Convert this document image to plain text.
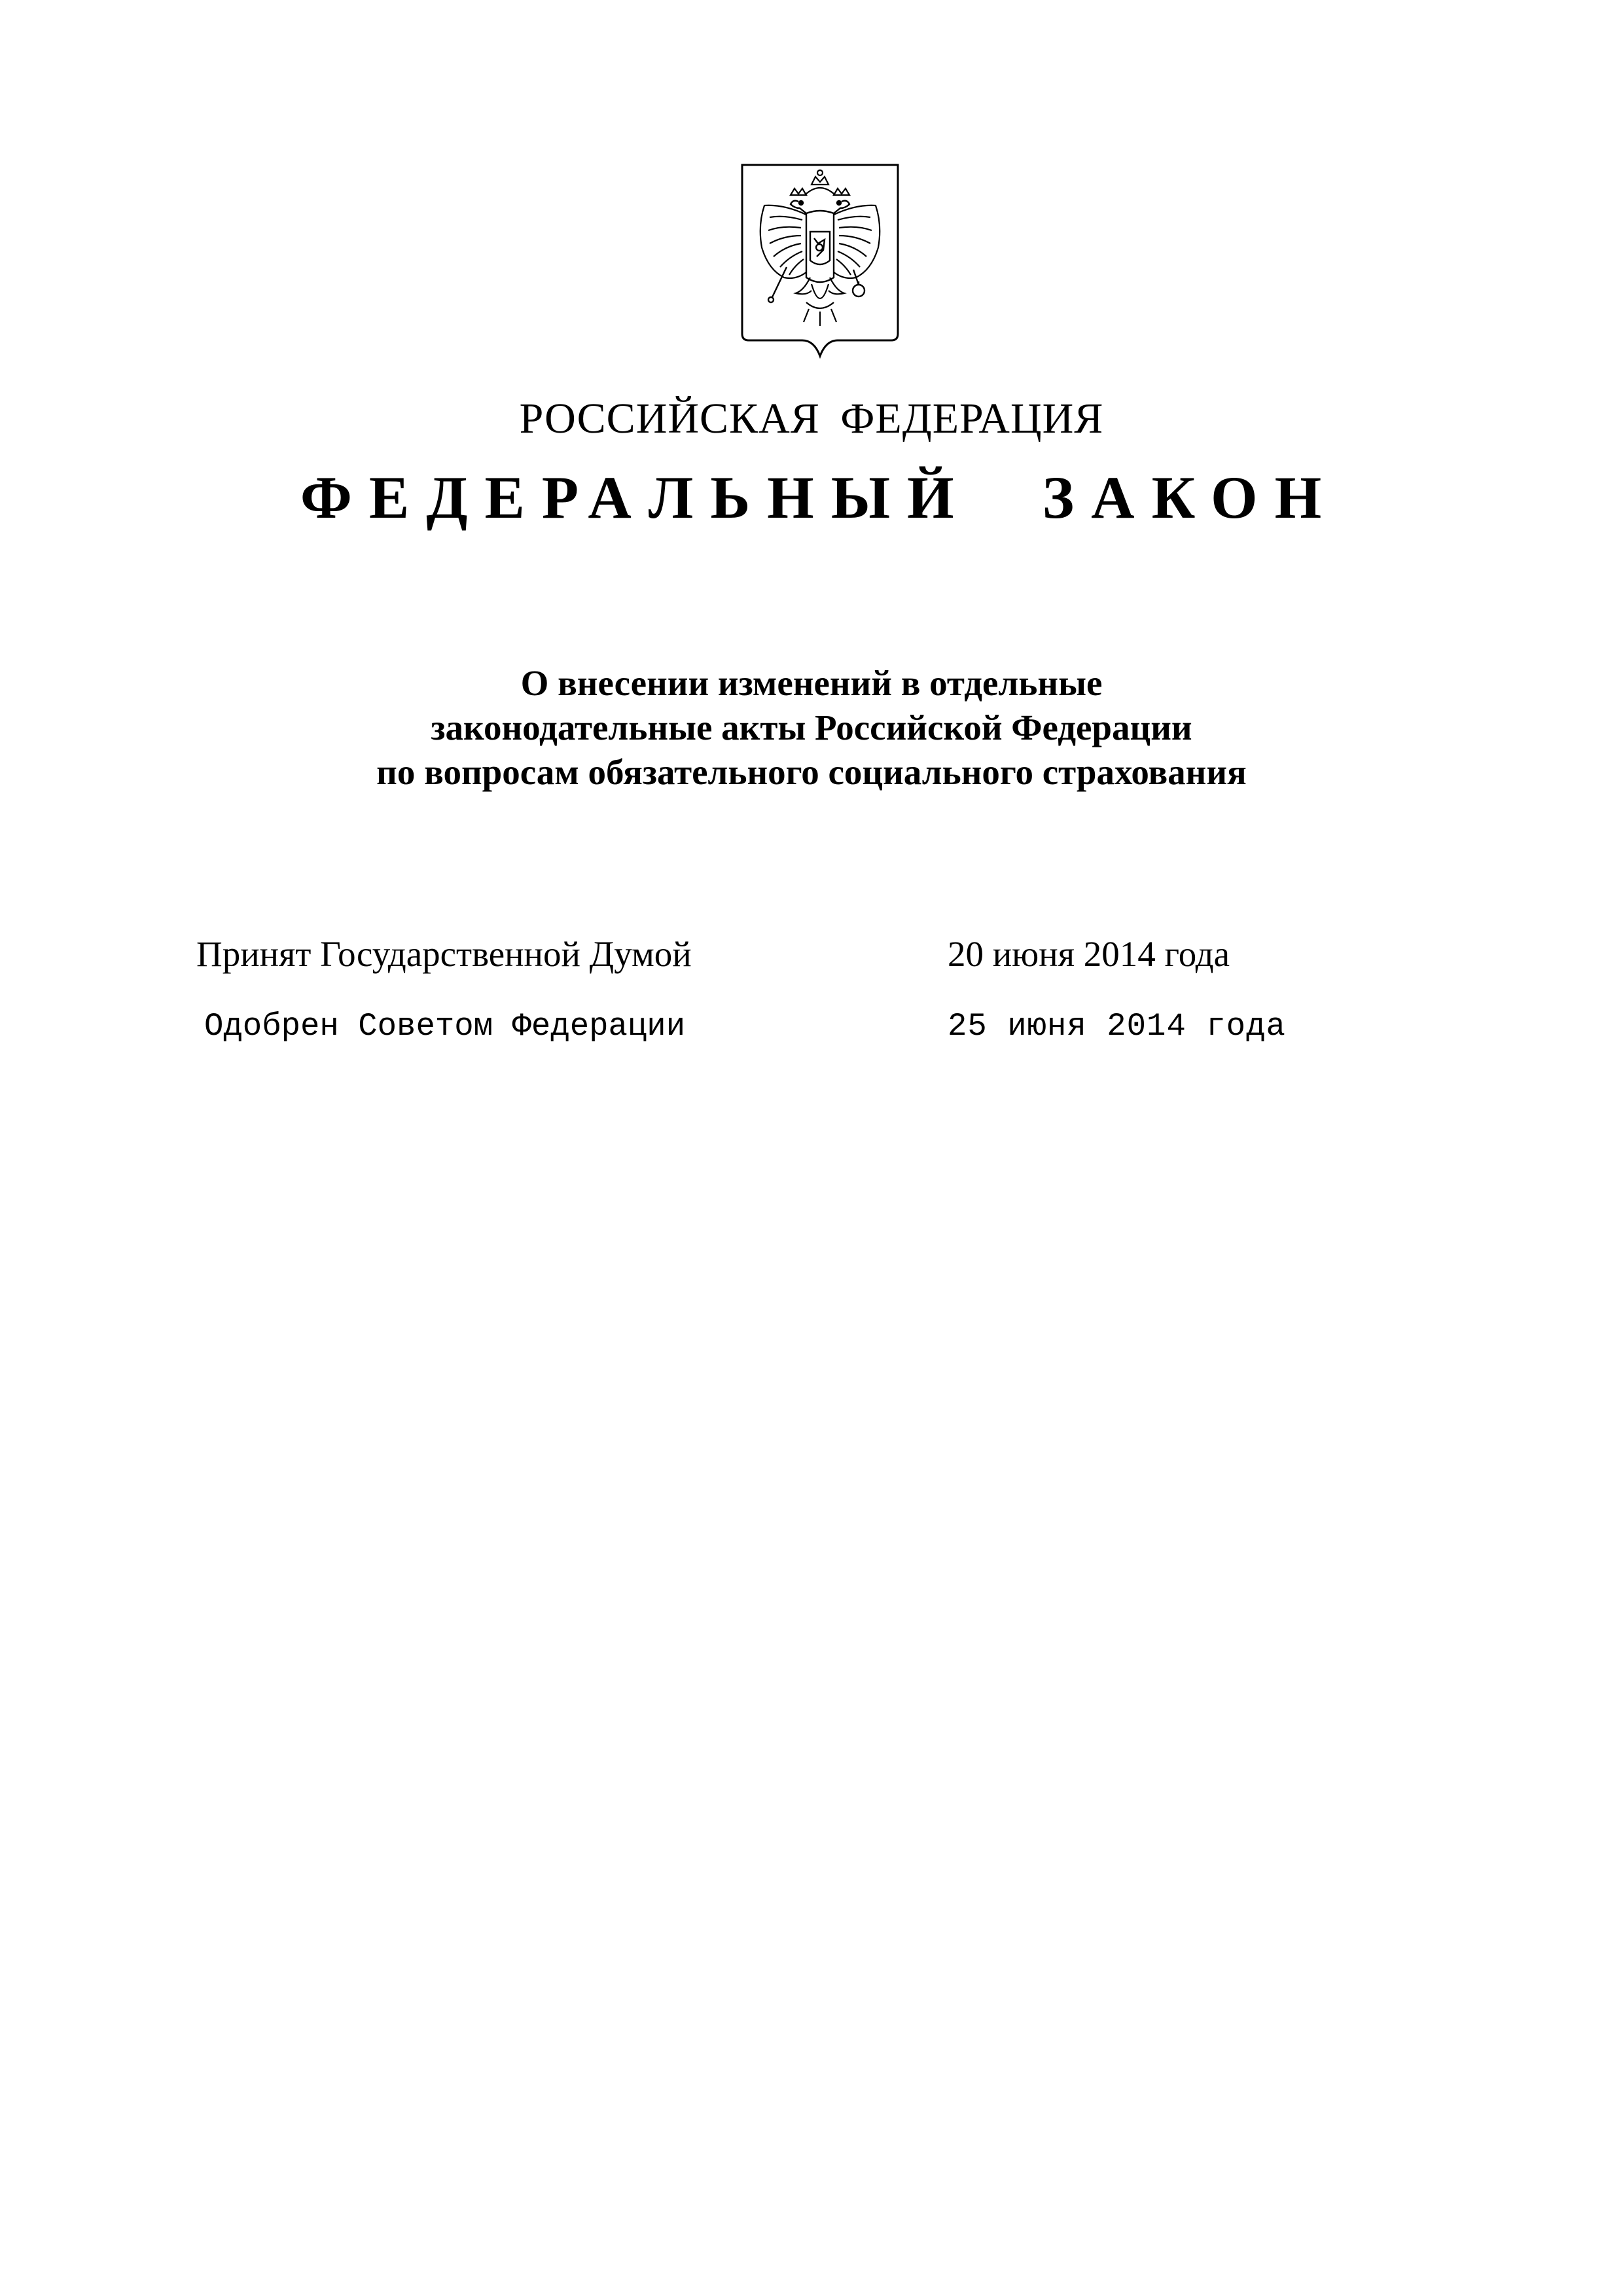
РОССИЙСКАЯ ФЕДЕРАЦИЯ
ФЕДЕРАЛЬНЫЙ ЗАКОН
О внесении изменений в отдельные
законодательные акты Российской Федерации
по вопросам обязательного социального страхования
Принят Государственной Думой	20 июня 2014 года
Одобрен Советом Федерации	25 июня 2014 года
